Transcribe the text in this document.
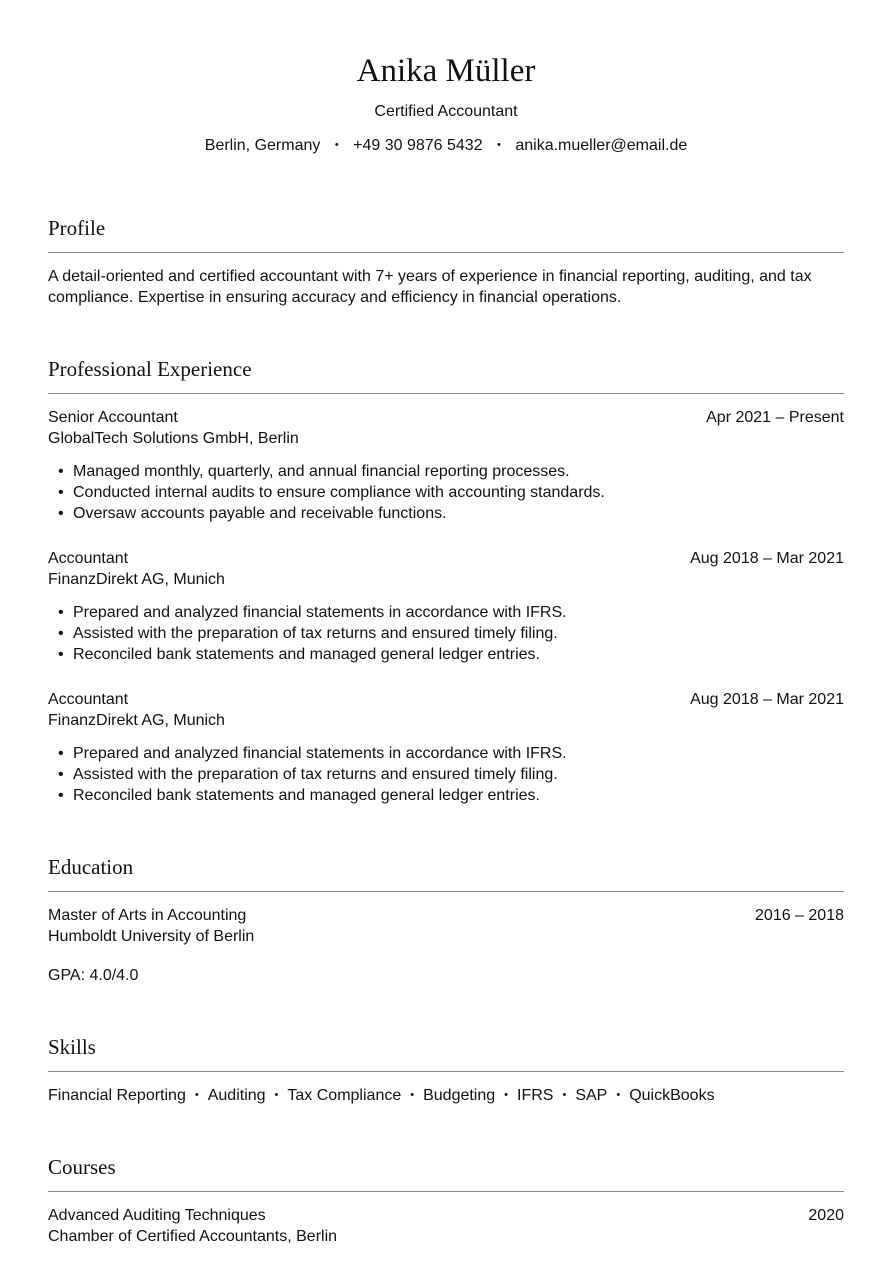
Anika Müller
Certified Accountant
Berlin, Germany • +49 30 9876 5432 • anika.mueller@email.de
Profile
A detail-oriented and certified accountant with 7+ years of experience in financial reporting, auditing, and tax compliance. Expertise in ensuring accuracy and efficiency in financial operations.
Professional Experience
Senior Accountant	Apr 2021 – Present
GlobalTech Solutions GmbH, Berlin
• Managed monthly, quarterly, and annual financial reporting processes.
• Conducted internal audits to ensure compliance with accounting standards.
• Oversaw accounts payable and receivable functions.
Accountant	Aug 2018 – Mar 2021
FinanzDirekt AG, Munich
• Prepared and analyzed financial statements in accordance with IFRS.
• Assisted with the preparation of tax returns and ensured timely filing.
• Reconciled bank statements and managed general ledger entries.
Accountant	Aug 2018 – Mar 2021
FinanzDirekt AG, Munich
• Prepared and analyzed financial statements in accordance with IFRS.
• Assisted with the preparation of tax returns and ensured timely filing.
• Reconciled bank statements and managed general ledger entries.
Education
Master of Arts in Accounting	2016 – 2018
Humboldt University of Berlin
GPA: 4.0/4.0
Skills
Financial Reporting • Auditing • Tax Compliance • Budgeting • IFRS • SAP • QuickBooks
Courses
Advanced Auditing Techniques	2020
Chamber of Certified Accountants, Berlin
